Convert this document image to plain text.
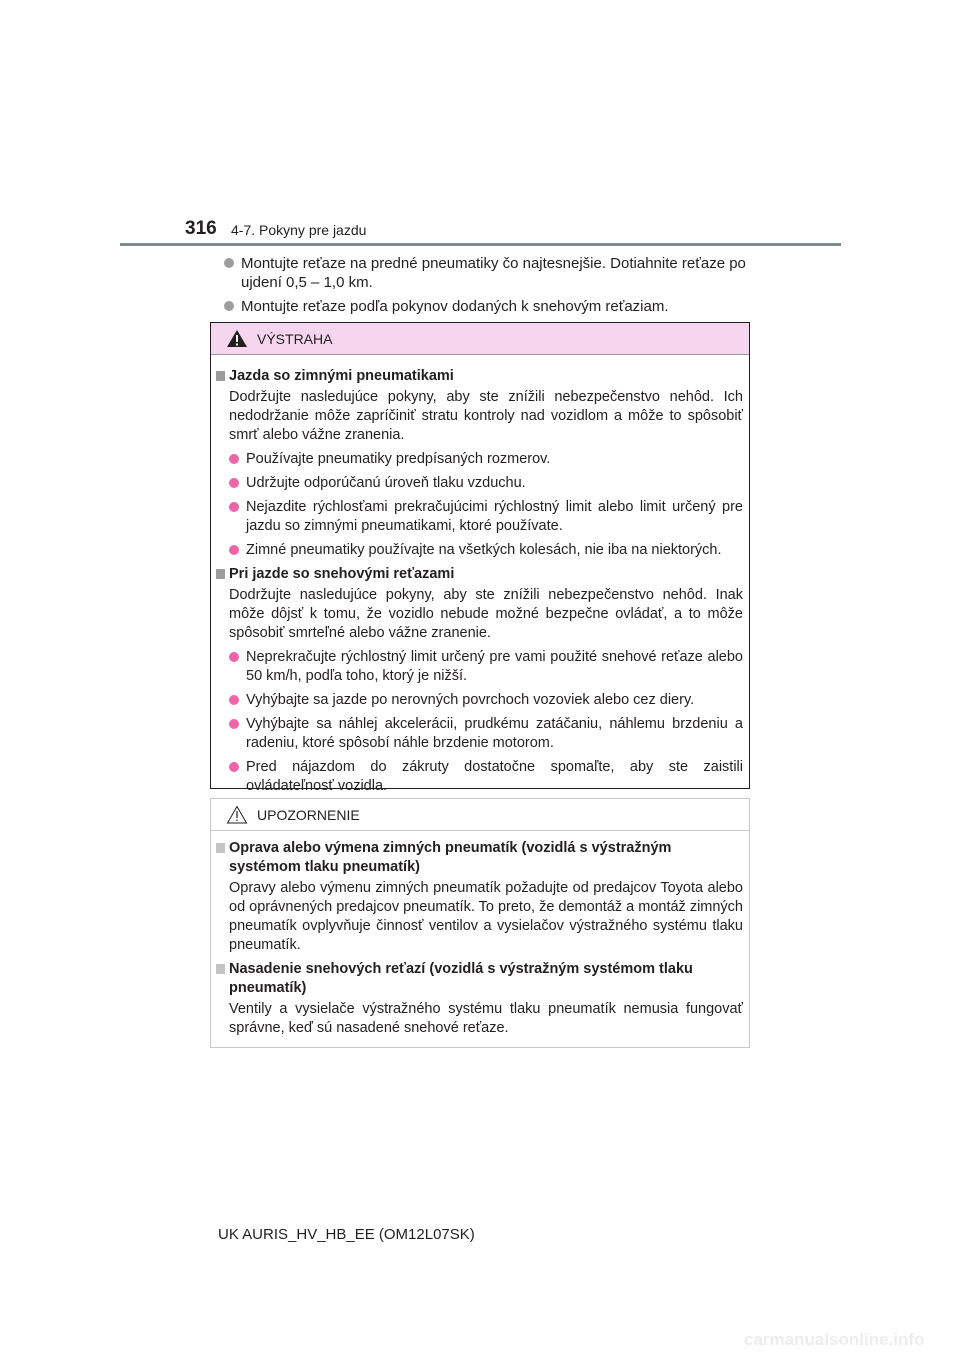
316 4-7. Pokyny pre jazdu
Montujte reťaze na predné pneumatiky čo najtesnejšie. Dotiahnite reťaze po ujdení 0,5 – 1,0 km.
Montujte reťaze podľa pokynov dodaných k snehovým reťaziam.
VÝSTRAHA
Jazda so zimnými pneumatikami
Dodržujte nasledujúce pokyny, aby ste znížili nebezpečenstvo nehôd. Ich nedodržanie môže zapríčiniť stratu kontroly nad vozidlom a môže to spôsobiť smrť alebo vážne zranenia.
Používajte pneumatiky predpísaných rozmerov.
Udržujte odporúčanú úroveň tlaku vzduchu.
Nejazdite rýchlosťami prekračujúcimi rýchlostný limit alebo limit určený pre jazdu so zimnými pneumatikami, ktoré používate.
Zimné pneumatiky používajte na všetkých kolesách, nie iba na niektorých.
Pri jazde so snehovými reťazami
Dodržujte nasledujúce pokyny, aby ste znížili nebezpečenstvo nehôd. Inak môže dôjsť k tomu, že vozidlo nebude možné bezpečne ovládať, a to môže spôsobiť smrteľné alebo vážne zranenie.
Neprekračujte rýchlostný limit určený pre vami použité snehové reťaze alebo 50 km/h, podľa toho, ktorý je nižší.
Vyhýbajte sa jazde po nerovných povrchoch vozoviek alebo cez diery.
Vyhýbajte sa náhlej akcelerácii, prudkému zatáčaniu, náhlemu brzdeniu a radeniu, ktoré spôsobí náhle brzdenie motorom.
Pred nájazdom do zákruty dostatočne spomaľte, aby ste zaistili ovládateľnosť vozidla.
UPOZORNENIE
Oprava alebo výmena zimných pneumatík (vozidlá s výstražným systémom tlaku pneumatík)
Opravy alebo výmenu zimných pneumatík požadujte od predajcov Toyota alebo od oprávnených predajcov pneumatík. To preto, že demontáž a montáž zimných pneumatík ovplyvňuje činnosť ventilov a vysielačov výstražného systému tlaku pneumatík.
Nasadenie snehových reťazí (vozidlá s výstražným systémom tlaku pneumatík)
Ventily a vysielače výstražného systému tlaku pneumatík nemusia fungovať správne, keď sú nasadené snehové reťaze.
UK AURIS_HV_HB_EE (OM12L07SK)
carmanualsonline.info
